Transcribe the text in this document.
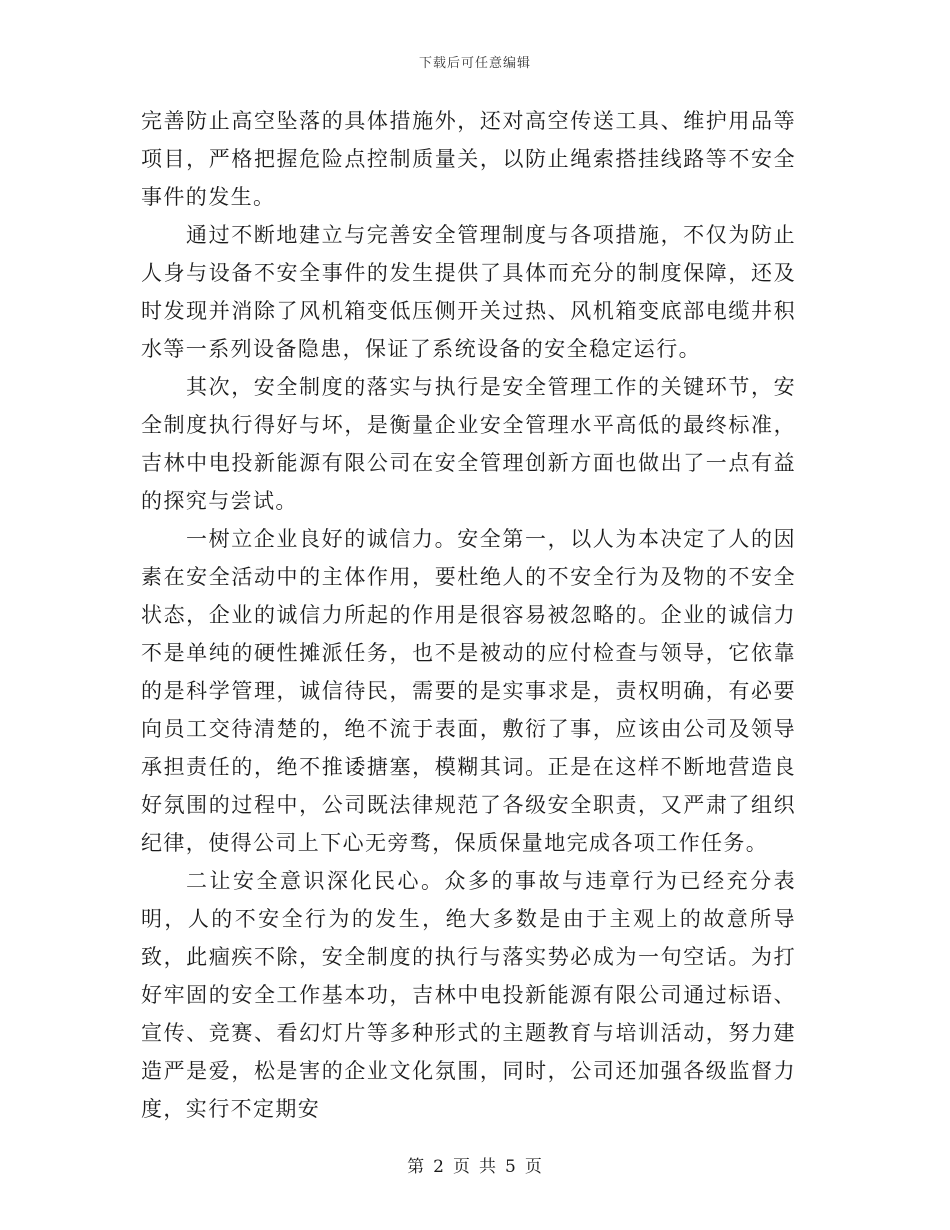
下载后可任意编辑

完善防止高空坠落的具体措施外，还对高空传送工具、维护用品等项目，严格把握危险点控制质量关，以防止绳索搭挂线路等不安全事件的发生。

通过不断地建立与完善安全管理制度与各项措施，不仅为防止人身与设备不安全事件的发生提供了具体而充分的制度保障，还及时发现并消除了风机箱变低压侧开关过热、风机箱变底部电缆井积水等一系列设备隐患，保证了系统设备的安全稳定运行。

其次，安全制度的落实与执行是安全管理工作的关键环节，安全制度执行得好与坏，是衡量企业安全管理水平高低的最终标准，吉林中电投新能源有限公司在安全管理创新方面也做出了一点有益的探究与尝试。

一树立企业良好的诚信力。安全第一，以人为本决定了人的因素在安全活动中的主体作用，要杜绝人的不安全行为及物的不安全状态，企业的诚信力所起的作用是很容易被忽略的。企业的诚信力不是单纯的硬性摊派任务，也不是被动的应付检查与领导，它依靠的是科学管理，诚信待民，需要的是实事求是，责权明确，有必要向员工交待清楚的，绝不流于表面，敷衍了事，应该由公司及领导承担责任的，绝不推诿搪塞，模糊其词。正是在这样不断地营造良好氛围的过程中，公司既法律规范了各级安全职责，又严肃了组织纪律，使得公司上下心无旁骛，保质保量地完成各项工作任务。

二让安全意识深化民心。众多的事故与违章行为已经充分表明，人的不安全行为的发生，绝大多数是由于主观上的故意所导致，此痼疾不除，安全制度的执行与落实势必成为一句空话。为打好牢固的安全工作基本功，吉林中电投新能源有限公司通过标语、宣传、竞赛、看幻灯片等多种形式的主题教育与培训活动，努力建造严是爱，松是害的企业文化氛围，同时，公司还加强各级监督力度，实行不定期安

第 2 页 共 5 页
